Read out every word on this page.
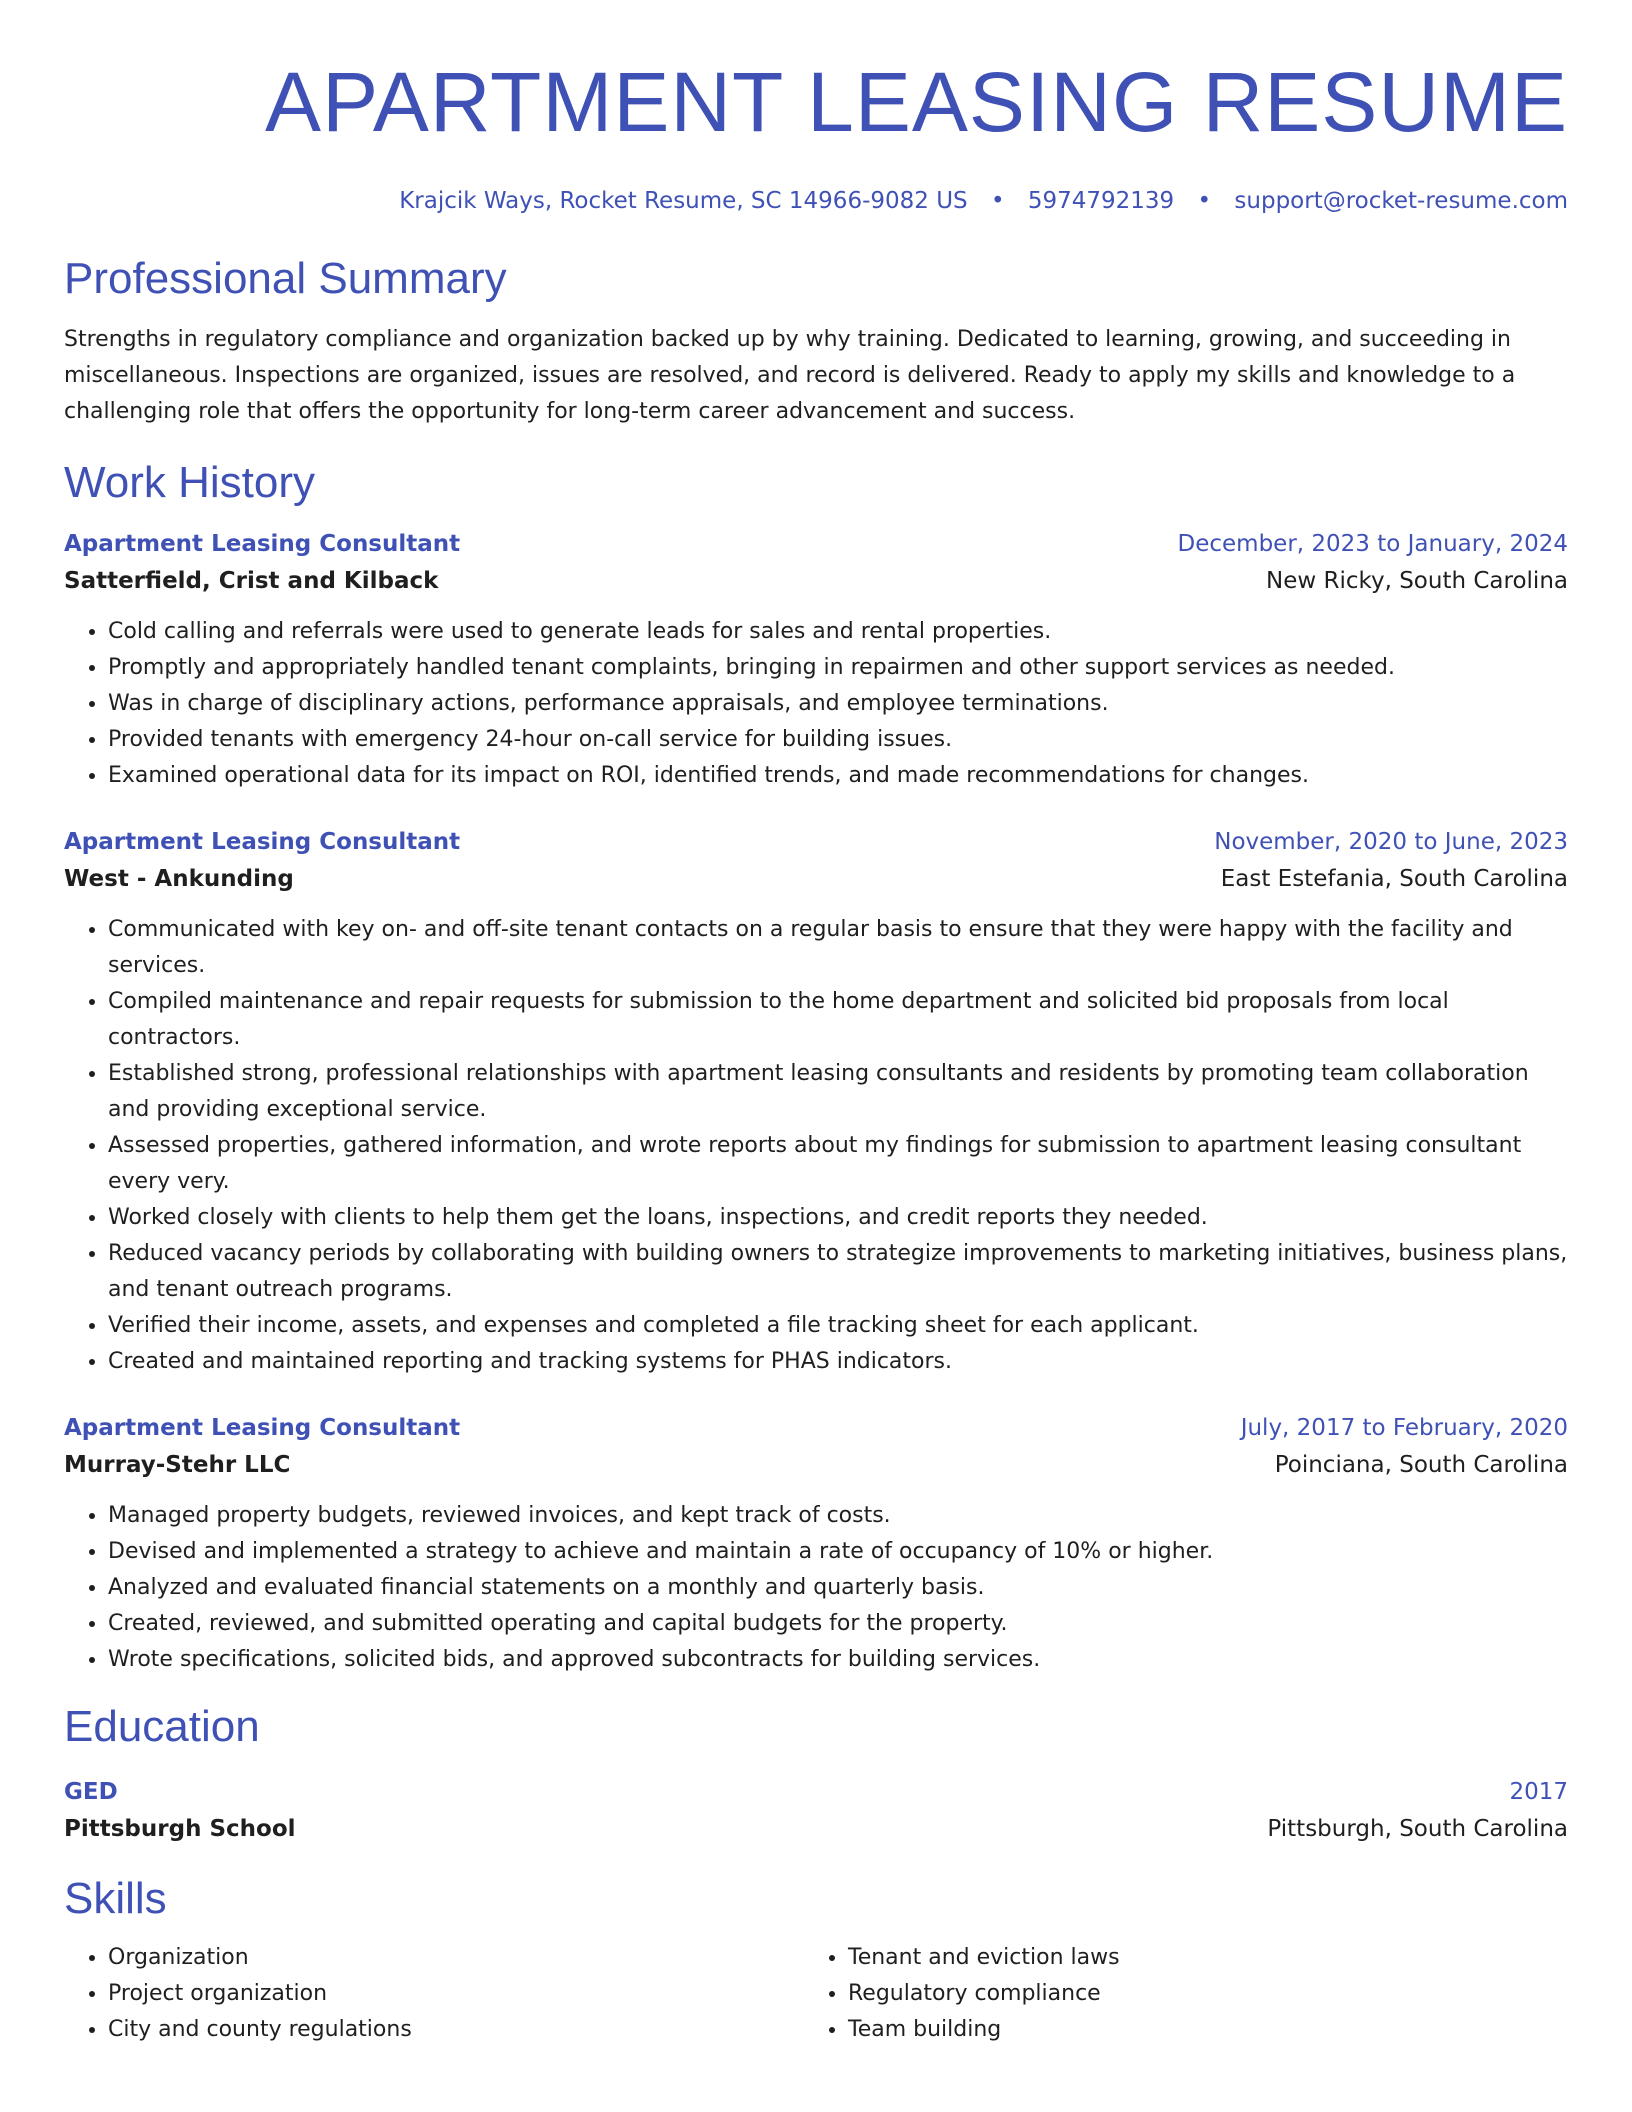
APARTMENT LEASING RESUME
Krajcik Ways, Rocket Resume, SC 14966-9082 US • 5974792139 • support@rocket-resume.com
Professional Summary

Strengths in regulatory compliance and organization backed up by why training. Dedicated to learning, growing, and succeeding in miscellaneous. Inspections are organized, issues are resolved, and record is delivered. Ready to apply my skills and knowledge to a challenging role that offers the opportunity for long-term career advancement and success.

Work History
Apartment Leasing Consultant	December, 2023 to January, 2024
Satterfield, Crist and Kilback	New Ricky, South Carolina
• Cold calling and referrals were used to generate leads for sales and rental properties.
• Promptly and appropriately handled tenant complaints, bringing in repairmen and other support services as needed.
• Was in charge of disciplinary actions, performance appraisals, and employee terminations.
• Provided tenants with emergency 24-hour on-call service for building issues.
• Examined operational data for its impact on ROI, identified trends, and made recommendations for changes.
Apartment Leasing Consultant	November, 2020 to June, 2023
West - Ankunding	East Estefania, South Carolina
• Communicated with key on- and off-site tenant contacts on a regular basis to ensure that they were happy with the facility and services.
• Compiled maintenance and repair requests for submission to the home department and solicited bid proposals from local contractors.
• Established strong, professional relationships with apartment leasing consultants and residents by promoting team collaboration and providing exceptional service.
• Assessed properties, gathered information, and wrote reports about my findings for submission to apartment leasing consultant every very.
• Worked closely with clients to help them get the loans, inspections, and credit reports they needed.
• Reduced vacancy periods by collaborating with building owners to strategize improvements to marketing initiatives, business plans, and tenant outreach programs.
• Verified their income, assets, and expenses and completed a file tracking sheet for each applicant.
• Created and maintained reporting and tracking systems for PHAS indicators.
Apartment Leasing Consultant	July, 2017 to February, 2020
Murray-Stehr LLC	Poinciana, South Carolina
• Managed property budgets, reviewed invoices, and kept track of costs.
• Devised and implemented a strategy to achieve and maintain a rate of occupancy of 10% or higher.
• Analyzed and evaluated financial statements on a monthly and quarterly basis.
• Created, reviewed, and submitted operating and capital budgets for the property.
• Wrote specifications, solicited bids, and approved subcontracts for building services.
Education
GED	2017
Pittsburgh School	Pittsburgh, South Carolina
Skills
• Organization
• Project organization
• City and county regulations
• Tenant and eviction laws
• Regulatory compliance
• Team building
